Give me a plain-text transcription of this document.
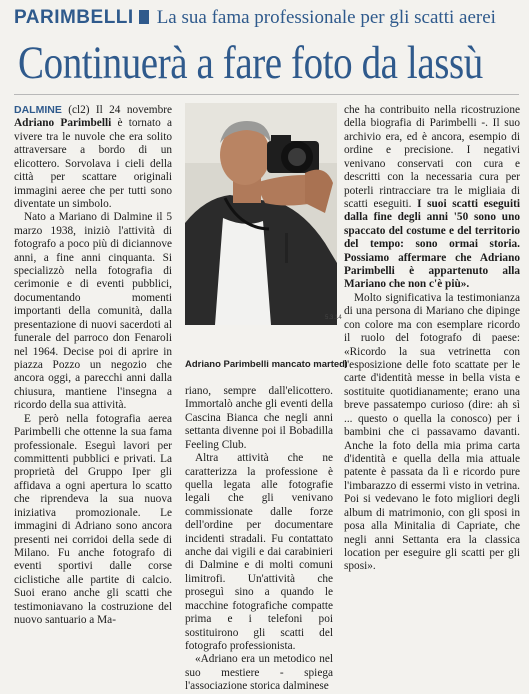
PARIMBELLI La sua fama professionale per gli scatti aerei
Continuerà a fare foto da lassù

DALMINE (cl2) Il 24 novembre Adriano Parimbelli è tornato a vivere tra le nuvole che era solito attraversare a bordo di un elicottero. Sorvolava i cieli della città per scattare originali immagini aeree che per tutti sono diventate un simbolo.

Nato a Mariano di Dalmine il 5 marzo 1938, iniziò l'attività di fotografo a poco più di diciannove anni, a fine anni cinquanta. Si specializzò nella fotografia di cerimonie e di eventi pubblici, documentando momenti importanti della comunità, dalla presentazione di nuovi sacerdoti al funerale del parroco don Fenaroli nel 1964. Decise poi di aprire in piazza Pozzo un negozio che ancora oggi, a parecchi anni dalla chiusura, mantiene l'insegna a ricordo della sua attività.

E però nella fotografia aerea Parimbelli che ottenne la sua fama professionale. Eseguì lavori per committenti pubblici e privati. La proprietà del Gruppo Iper gli affidava a ogni apertura lo scatto che riprendeva la sua nuova iniziativa promozionale. Le immagini di Adriano sono ancora presenti nei corridoi della sede di Milano. Fu anche fotografo di eventi sportivi dalle corse ciclistiche alle partite di calcio. Suoi erano anche gli scatti che testimoniavano la costruzione del nuovo santuario a Ma-

5.3.14
Adriano Parimbelli mancato martedì

riano, sempre dall'elicottero. Immortalò anche gli eventi della Cascina Bianca che negli anni settanta divenne poi il Bobadilla Feeling Club.

Altra attività che ne caratterizza la professione è quella legata alle fotografie legali che gli venivano commissionate dalle forze dell'ordine per documentare incidenti stradali. Fu contattato anche dai vigili e dai carabinieri di Dalmine e di molti comuni limitrofi. Un'attività che proseguì sino a quando le macchine fotografiche compatte prima e i telefoni poi sostituirono gli scatti del fotografo professionista.

«Adriano era un metodico nel suo mestiere - spiega l'associazione storica dalminese

che ha contribuito nella ricostruzione della biografia di Parimbelli -. Il suo archivio era, ed è ancora, esempio di ordine e precisione. I negativi venivano conservati con cura e descritti con la necessaria cura per poterli rintracciare tra le migliaia di scatti eseguiti. I suoi scatti eseguiti dalla fine degli anni '50 sono uno spaccato del costume e del territorio del tempo: sono ormai storia. Possiamo affermare che Adriano Parimbelli è appartenuto alla Mariano che non c'è più».

Molto significativa la testimonianza di una persona di Mariano che dipinge con colore ma con esemplare ricordo il ruolo del fotografo di paese: «Ricordo la sua vetrinetta con l'esposizione delle foto scattate per le carte d'identità messe in bella vista e sostituite quotidianamente; erano una breve passatempo curioso (dire: ah sì ... questo o quella la conosco) per i bambini che ci passavamo davanti. Anche la foto della mia prima carta d'identità e quella della mia attuale patente è passata da lì e ricordo pure l'imbarazzo di essermi visto in vetrina. Poi si vedevano le foto migliori degli album di matrimonio, con gli sposi in posa alla Minitalia di Capriate, che negli anni Settanta era la classica location per eseguire gli scatti per gli sposi».
